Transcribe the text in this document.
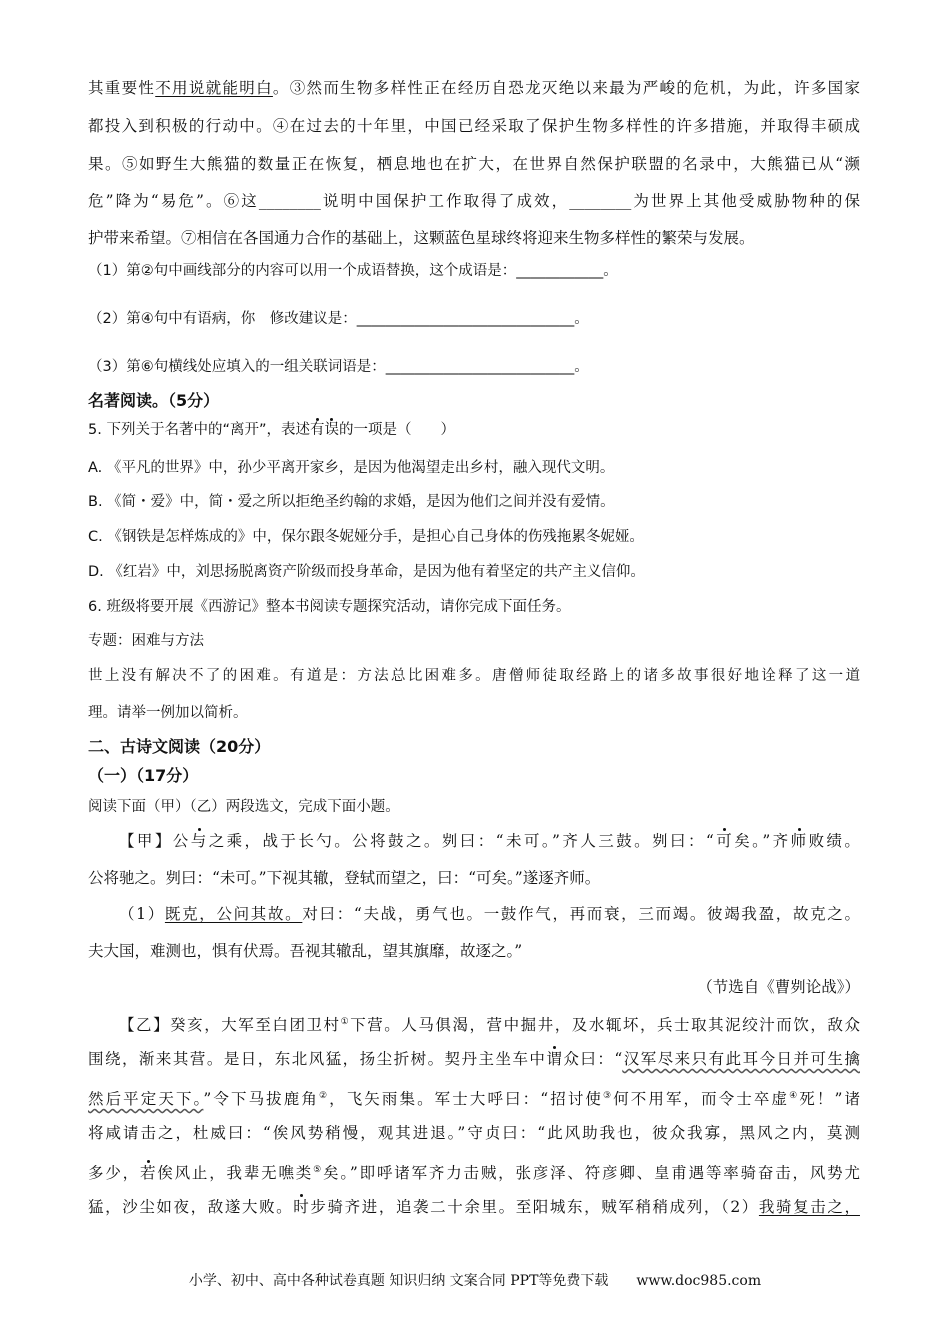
其重要性不用说就能明白。③然而生物多样性正在经历自恐龙灭绝以来最为严峻的危机，为此，许多国家
都投入到积极的行动中。④在过去的十年里，中国已经采取了保护生物多样性的许多措施，并取得丰硕成
果。⑤如野生大熊猫的数量正在恢复，栖息地也在扩大，在世界自然保护联盟的名录中，大熊猫已从“濒
危”降为“易危”。⑥这________说明中国保护工作取得了成效，________为世界上其他受威胁物种的保
护带来希望。⑦相信在各国通力合作的基础上，这颗蓝色星球终将迎来生物多样性的繁荣与发展。
（1）第②句中画线部分的内容可以用一个成语替换，这个成语是：____________。
（2）第④句中有语病，你　修改建议是：______________________________。
（3）第⑥句横线处应填入的一组关联词语是：__________________________。
名著阅读。（5分）
5. 下列关于名著中的“离开”，表述有误的一项是（　　）
A. 《平凡的世界》中，孙少平离开家乡，是因为他渴望走出乡村，融入现代文明。
B. 《简・爱》中，简・爱之所以拒绝圣约翰的求婚，是因为他们之间并没有爱情。
C. 《钢铁是怎样炼成的》中，保尔跟冬妮娅分手，是担心自己身体的伤残拖累冬妮娅。
D. 《红岩》中，刘思扬脱离资产阶级而投身革命，是因为他有着坚定的共产主义信仰。
6. 班级将要开展《西游记》整本书阅读专题探究活动，请你完成下面任务。
专题：困难与方法
世上没有解决不了的困难。有道是：方法总比困难多。唐僧师徒取经路上的诸多故事很好地诠释了这一道
理。请举一例加以简析。
二、古诗文阅读（20分）
（一）（17分）
阅读下面（甲）（乙）两段选文，完成下面小题。
【甲】公与之乘，战于长勺。公将鼓之。刿曰：“未可。”齐人三鼓。刿曰：“可矣。”齐师败绩。
公将驰之。刿曰：“未可。”下视其辙，登轼而望之，曰：“可矣。”遂逐齐师。
（1）既克，公问其故。对曰：“夫战，勇气也。一鼓作气，再而衰，三而竭。彼竭我盈，故克之。
夫大国，难测也，惧有伏焉。吾视其辙乱，望其旗靡，故逐之。”
（节选自《曹刿论战》）
【乙】癸亥，大军至白团卫村①下营。人马俱渴，营中掘井，及水辄坏，兵士取其泥绞汁而饮，敌众
围绕，渐来其营。是日，东北风猛，扬尘折树。契丹主坐车中谓众曰：“汉军尽来只有此耳今日并可生擒
然后平定天下。”令下马拔鹿角②，飞矢雨集。军士大呼曰：“招讨使③何不用军，而令士卒虚④死！”诸
将咸请击之，杜威曰：“俟风势稍慢，观其进退。”守贞曰：“此风助我也，彼众我寡，黑风之内，莫测
多少，若俟风止，我辈无噍类⑤矣。”即呼诸军齐力击贼，张彦泽、符彦卿、皇甫遇等率骑奋击，风势尤
猛，沙尘如夜，敌遂大败。时步骑齐进，追袭二十余里。至阳城东，贼军稍稍成列，（2）我骑复击之，
小学、初中、高中各种试卷真题 知识归纳 文案合同 PPT等免费下载　　www.doc985.com
